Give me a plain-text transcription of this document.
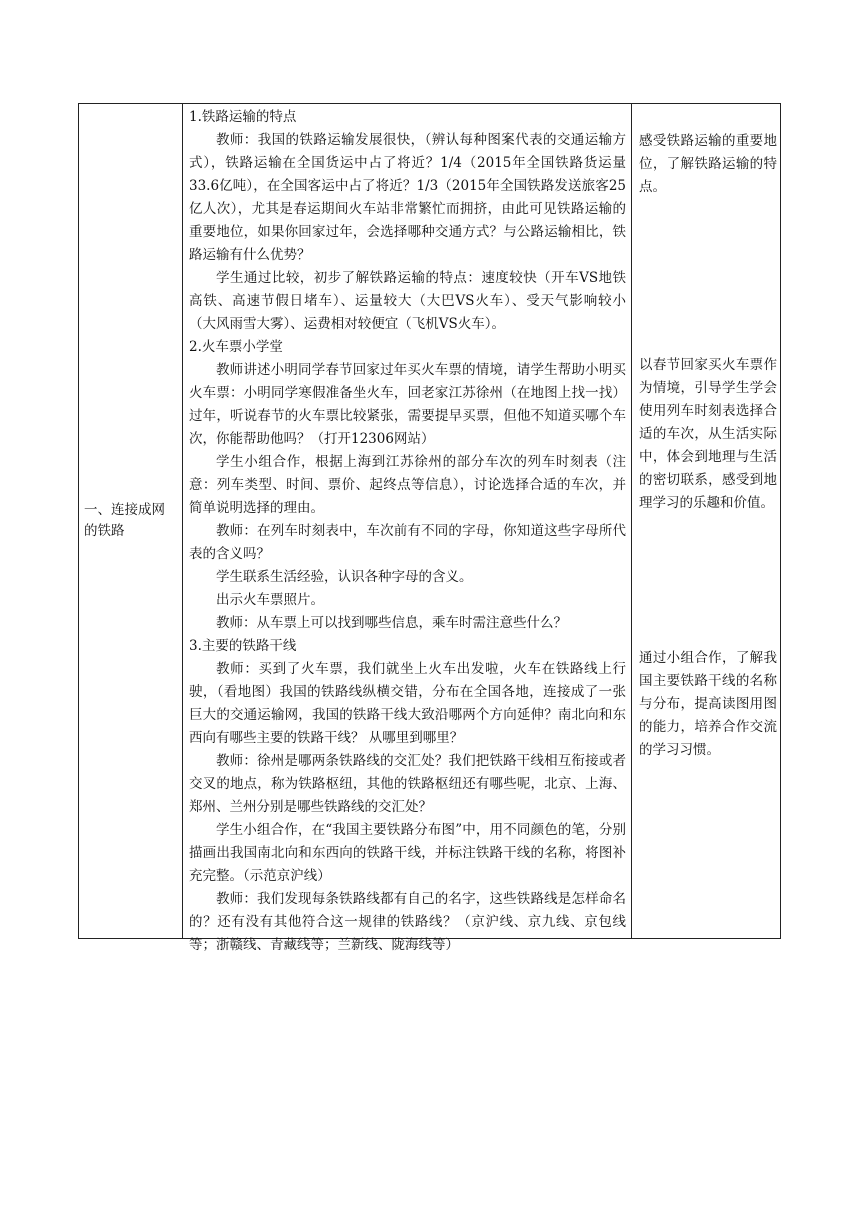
一、连接成网的铁路

1.铁路运输的特点

教师：我国的铁路运输发展很快，（辨认每种图案代表的交通运输方式），铁路运输在全国货运中占了将近？1/4（2015年全国铁路货运量33.6亿吨），在全国客运中占了将近？1/3（2015年全国铁路发送旅客25亿人次），尤其是春运期间火车站非常繁忙而拥挤，由此可见铁路运输的重要地位，如果你回家过年，会选择哪种交通方式？与公路运输相比，铁路运输有什么优势？

学生通过比较，初步了解铁路运输的特点：速度较快（开车VS地铁高铁、高速节假日堵车）、运量较大（大巴VS火车）、受天气影响较小（大风雨雪大雾）、运费相对较便宜（飞机VS火车）。

2.火车票小学堂

教师讲述小明同学春节回家过年买火车票的情境，请学生帮助小明买火车票：小明同学寒假准备坐火车，回老家江苏徐州（在地图上找一找）过年，听说春节的火车票比较紧张，需要提早买票，但他不知道买哪个车次，你能帮助他吗？（打开12306网站）

学生小组合作，根据上海到江苏徐州的部分车次的列车时刻表（注意：列车类型、时间、票价、起终点等信息），讨论选择合适的车次，并简单说明选择的理由。

教师：在列车时刻表中，车次前有不同的字母，你知道这些字母所代表的含义吗？

学生联系生活经验，认识各种字母的含义。

出示火车票照片。

教师：从车票上可以找到哪些信息，乘车时需注意些什么？

3.主要的铁路干线

教师：买到了火车票，我们就坐上火车出发啦，火车在铁路线上行驶，（看地图）我国的铁路线纵横交错，分布在全国各地，连接成了一张巨大的交通运输网，我国的铁路干线大致沿哪两个方向延伸？南北向和东西向有哪些主要的铁路干线？ 从哪里到哪里？

教师：徐州是哪两条铁路线的交汇处？我们把铁路干线相互衔接或者交叉的地点，称为铁路枢纽，其他的铁路枢纽还有哪些呢，北京、上海、郑州、兰州分别是哪些铁路线的交汇处？

学生小组合作，在“我国主要铁路分布图”中，用不同颜色的笔，分别描画出我国南北向和东西向的铁路干线，并标注铁路干线的名称，将图补充完整。（示范京沪线）

教师：我们发现每条铁路线都有自己的名字，这些铁路线是怎样命名的？还有没有其他符合这一规律的铁路线？（京沪线、京九线、京包线等；浙赣线、青藏线等；兰新线、陇海线等）

感受铁路运输的重要地位，了解铁路运输的特点。
以春节回家买火车票作为情境，引导学生学会使用列车时刻表选择合适的车次，从生活实际中，体会到地理与生活的密切联系，感受到地理学习的乐趣和价值。
通过小组合作，了解我国主要铁路干线的名称与分布，提高读图用图的能力，培养合作交流的学习习惯。
